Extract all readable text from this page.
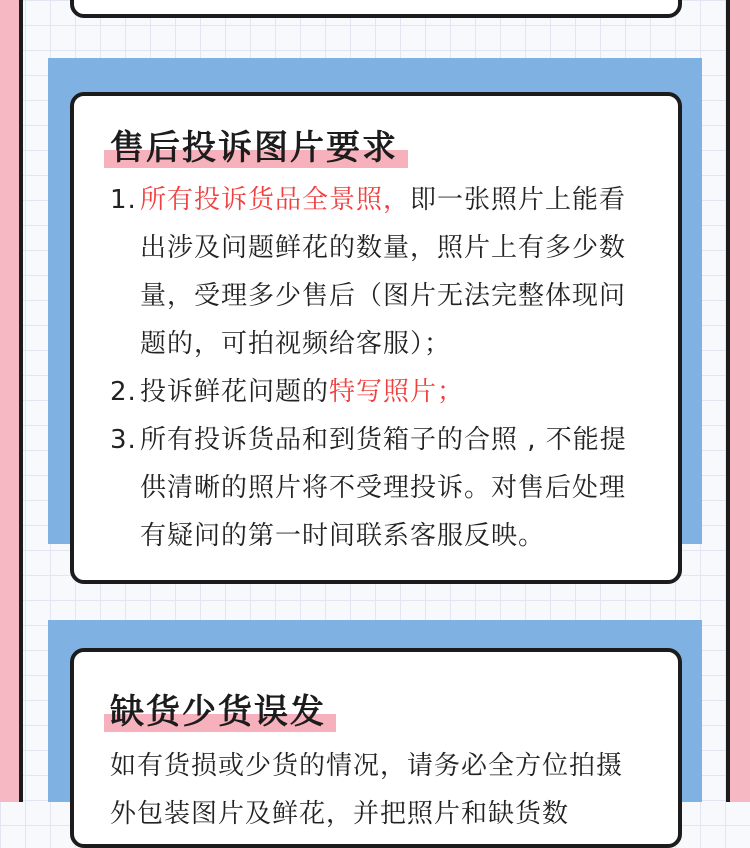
售后投诉图片要求
1. 所有投诉货品全景照，即一张照片上能看出涉及问题鲜花的数量，照片上有多少数量，受理多少售后（图片无法完整体现问题的，可拍视频给客服）；
2. 投诉鲜花问题的特写照片；
3. 所有投诉货品和到货箱子的合照 , 不能提供清晰的照片将不受理投诉。对售后处理有疑问的第一时间联系客服反映。
缺货少货误发
如有货损或少货的情况，请务必全方位拍摄外包装图片及鲜花，并把照片和缺货数
